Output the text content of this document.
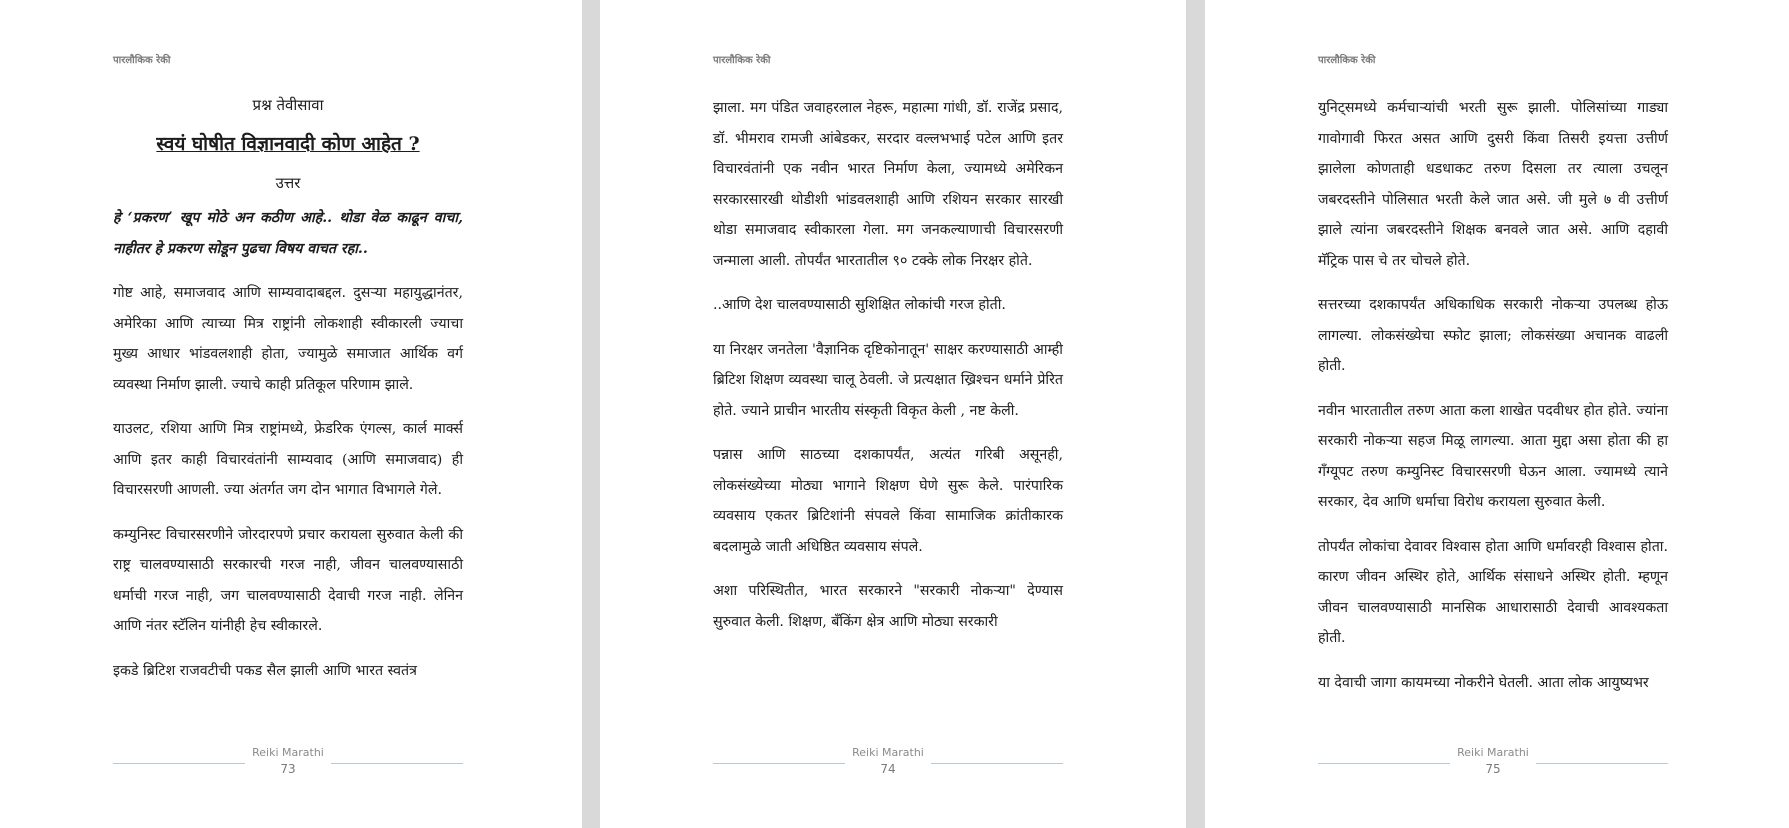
पारलौकिक रेकी

प्रश्न तेवीसावा

स्वयं घोषीत विज्ञानवादी कोण आहेत ?

उत्तर

हे ‘प्रकरण’ खूप मोठे अन कठीण आहे.. थोडा वेळ काढून वाचा, नाहीतर हे प्रकरण सोडून पुढचा विषय वाचत रहा..

गोष्ट आहे, समाजवाद आणि साम्यवादाबद्दल. दुसऱ्या महायुद्धानंतर, अमेरिका आणि त्याच्या मित्र राष्ट्रांनी लोकशाही स्वीकारली ज्याचा मुख्य आधार भांडवलशाही होता, ज्यामुळे समाजात आर्थिक वर्ग व्यवस्था निर्माण झाली. ज्याचे काही प्रतिकूल परिणाम झाले.

याउलट, रशिया आणि मित्र राष्ट्रांमध्ये, फ्रेडरिक एंगल्स, कार्ल मार्क्स आणि इतर काही विचारवंतांनी साम्यवाद (आणि समाजवाद) ही विचारसरणी आणली. ज्या अंतर्गत जग दोन भागात विभागले गेले.

कम्युनिस्ट विचारसरणीने जोरदारपणे प्रचार करायला सुरुवात केली की राष्ट्र चालवण्यासाठी सरकारची गरज नाही, जीवन चालवण्यासाठी धर्माची गरज नाही, जग चालवण्यासाठी देवाची गरज नाही. लेनिन आणि नंतर स्टॅलिन यांनीही हेच स्वीकारले.

इकडे ब्रिटिश राजवटीची पकड सैल झाली आणि भारत स्वतंत्र

Reiki Marathi
73
पारलौकिक रेकी

झाला. मग पंडित जवाहरलाल नेहरू, महात्मा गांधी, डॉ. राजेंद्र प्रसाद, डॉ. भीमराव रामजी आंबेडकर, सरदार वल्लभभाई पटेल आणि इतर विचारवंतांनी एक नवीन भारत निर्माण केला, ज्यामध्ये अमेरिकन सरकारसारखी थोडीशी भांडवलशाही आणि रशियन सरकार सारखी थोडा समाजवाद स्वीकारला गेला. मग जनकल्याणाची विचारसरणी जन्माला आली. तोपर्यंत भारतातील ९० टक्के लोक निरक्षर होते.

..आणि देश चालवण्यासाठी सुशिक्षित लोकांची गरज होती.

या निरक्षर जनतेला 'वैज्ञानिक दृष्टिकोनातून' साक्षर करण्यासाठी आम्ही ब्रिटिश शिक्षण व्यवस्था चालू ठेवली. जे प्रत्यक्षात ख्रिश्चन धर्माने प्रेरित होते. ज्याने प्राचीन भारतीय संस्कृती विकृत केली , नष्ट केली.

पन्नास आणि साठच्या दशकापर्यंत, अत्यंत गरिबी असूनही, लोकसंख्येच्या मोठ्या भागाने शिक्षण घेणे सुरू केले. पारंपारिक व्यवसाय एकतर ब्रिटिशांनी संपवले किंवा सामाजिक क्रांतीकारक बदलामुळे जाती अधिष्ठित व्यवसाय संपले.

अशा परिस्थितीत, भारत सरकारने "सरकारी नोकऱ्या" देण्यास सुरुवात केली. शिक्षण, बँकिंग क्षेत्र आणि मोठ्या सरकारी

Reiki Marathi
74
पारलौकिक रेकी

युनिट्समध्ये कर्मचाऱ्यांची भरती सुरू झाली. पोलिसांच्या गाड्या गावोगावी फिरत असत आणि दुसरी किंवा तिसरी इयत्ता उत्तीर्ण झालेला कोणताही धडधाकट तरुण दिसला तर त्याला उचलून जबरदस्तीने पोलिसात भरती केले जात असे. जी मुले ७ वी उत्तीर्ण झाले त्यांना जबरदस्तीने शिक्षक बनवले जात असे. आणि दहावी मॅट्रिक पास चे तर चोचले होते.

सत्तरच्या दशकापर्यंत अधिकाधिक सरकारी नोकऱ्या उपलब्ध होऊ लागल्या. लोकसंख्येचा स्फोट झाला; लोकसंख्या अचानक वाढली होती.

नवीन भारतातील तरुण आता कला शाखेत पदवीधर होत होते. ज्यांना सरकारी नोकऱ्या सहज मिळू लागल्या. आता मुद्दा असा होता की हा गँग्यूपट तरुण कम्युनिस्ट विचारसरणी घेऊन आला. ज्यामध्ये त्याने सरकार, देव आणि धर्माचा विरोध करायला सुरुवात केली.

तोपर्यंत लोकांचा देवावर विश्वास होता आणि धर्मावरही विश्वास होता. कारण जीवन अस्थिर होते, आर्थिक संसाधने अस्थिर होती. म्हणून जीवन चालवण्यासाठी मानसिक आधारासाठी देवाची आवश्यकता होती.

या देवाची जागा कायमच्या नोकरीने घेतली. आता लोक आयुष्यभर

Reiki Marathi
75
